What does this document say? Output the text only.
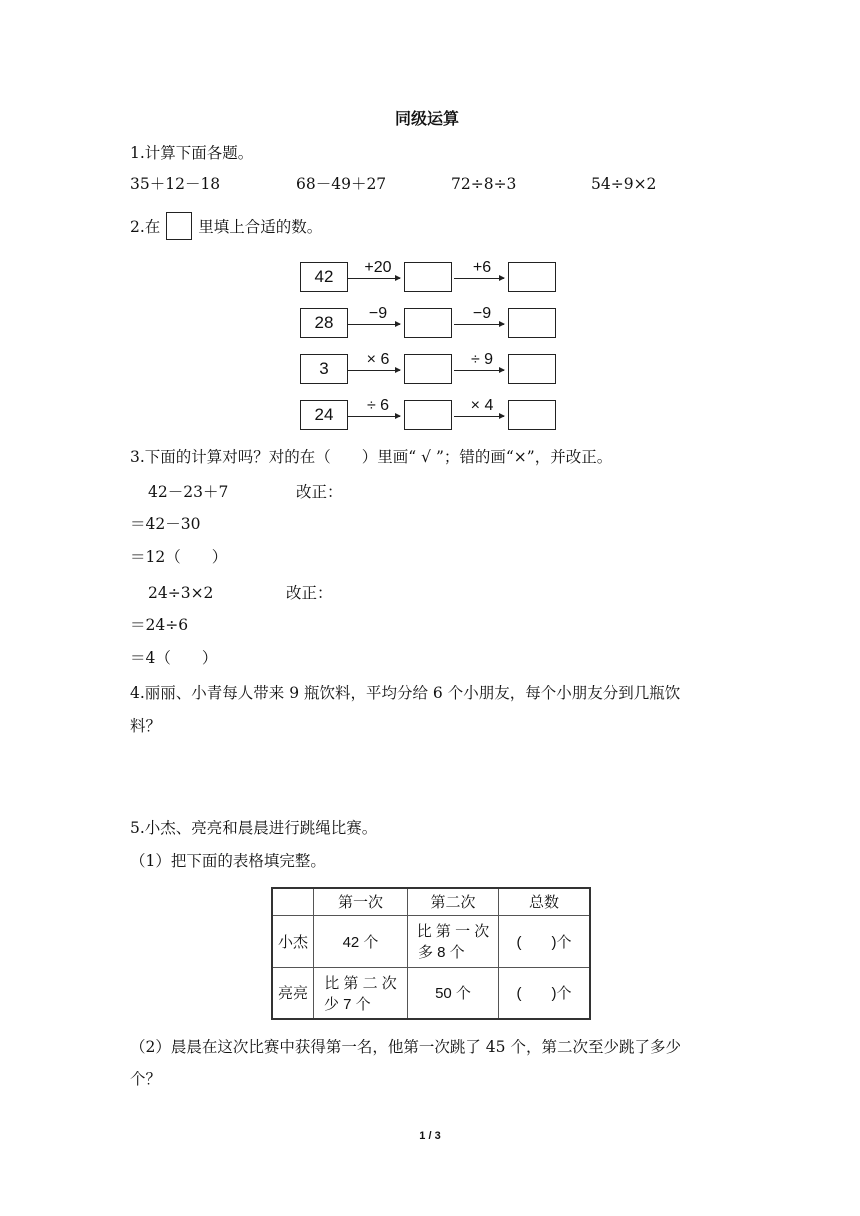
同级运算
1.计算下面各题。
35＋12－18	68－49＋27	72÷8÷3	54÷9×2
2.在 里填上合适的数。
42	+20	+6
28	−9	−9
3	× 6	÷ 9
24	÷ 6	× 4
3.下面的计算对吗？对的在（　　）里画“ √ ”；错的画“×”，并改正。
42－23＋7	改正：
＝42－30
＝12（　　）
24÷3×2	改正：
＝24÷6
＝4（　　）
4.丽丽、小青每人带来 9 瓶饮料，平均分给 6 个小朋友，每个小朋友分到几瓶饮
料？
5.小杰、亮亮和晨晨进行跳绳比赛。
（1）把下面的表格填完整。
	第一次	第二次	总数
小杰	42 个	比 第 一 次
多 8 个	(　　)个
亮亮	比 第 二 次
少 7 个	50 个	(　　)个
（2）晨晨在这次比赛中获得第一名，他第一次跳了 45 个，第二次至少跳了多少
个？
1 / 3
